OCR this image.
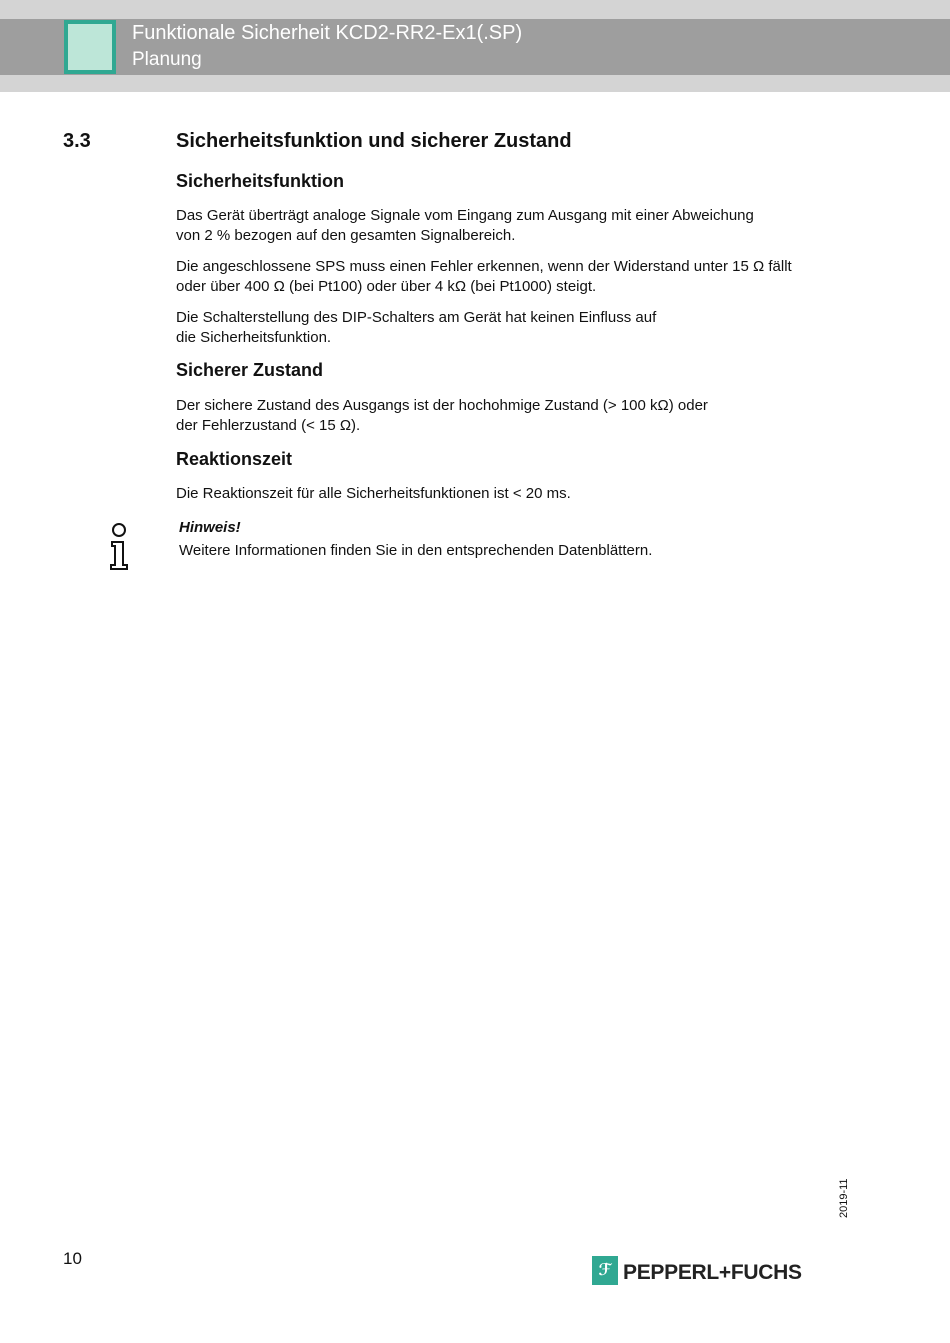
Funktionale Sicherheit KCD2-RR2-Ex1(.SP)
Planung
3.3	Sicherheitsfunktion und sicherer Zustand
Sicherheitsfunktion

Das Gerät überträgt analoge Signale vom Eingang zum Ausgang mit einer Abweichung
von 2 % bezogen auf den gesamten Signalbereich.

Die angeschlossene SPS muss einen Fehler erkennen, wenn der Widerstand unter 15 Ω fällt
oder über 400 Ω (bei Pt100) oder über 4 kΩ (bei Pt1000) steigt.

Die Schalterstellung des DIP-Schalters am Gerät hat keinen Einfluss auf
die Sicherheitsfunktion.

Sicherer Zustand

Der sichere Zustand des Ausgangs ist der hochohmige Zustand (> 100 kΩ) oder
der Fehlerzustand (< 15 Ω).

Reaktionszeit

Die Reaktionszeit für alle Sicherheitsfunktionen ist < 20 ms.

Hinweis!
Weitere Informationen finden Sie in den entsprechenden Datenblättern.
2019-11
10
ℱ PEPPERL+FUCHS
